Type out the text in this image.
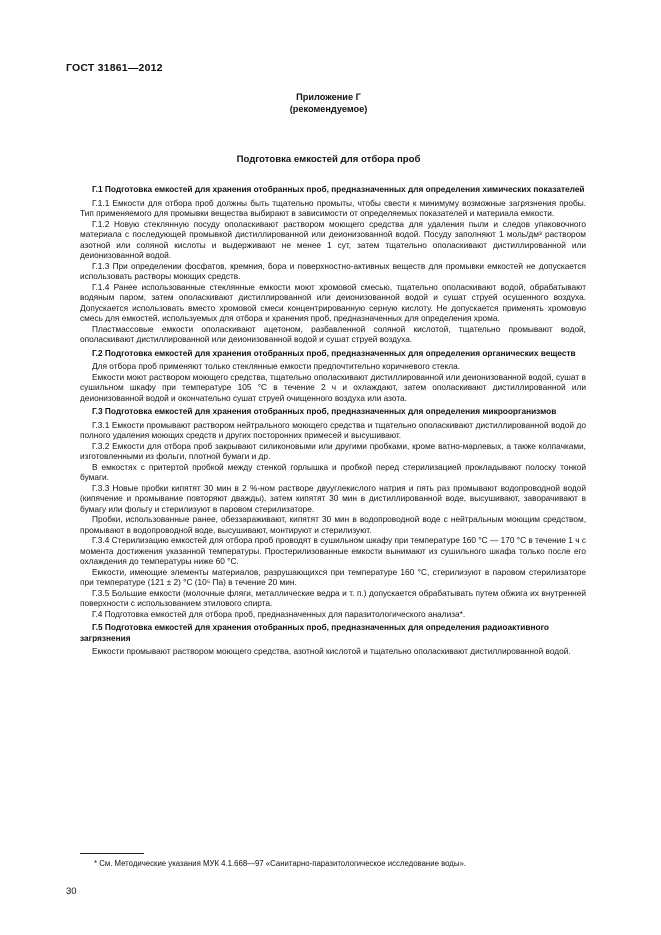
ГОСТ 31861—2012
Приложение Г
(рекомендуемое)
Подготовка емкостей для отбора проб

Г.1 Подготовка емкостей для хранения отобранных проб, предназначенных для определения химических показателей

Г.1.1 Емкости для отбора проб должны быть тщательно промыты, чтобы свести к минимуму возможные загрязнения пробы. Тип применяемого для промывки вещества выбирают в зависимости от определяемых показателей и материала емкости.

Г.1.2 Новую стеклянную посуду ополаскивают раствором моющего средства для удаления пыли и следов упаковочного материала с последующей промывкой дистиллированной или деионизованной водой. Посуду заполняют 1 моль/дм³ раствором азотной или соляной кислоты и выдерживают не менее 1 сут, затем тщательно ополаскивают дистиллированной или деионизованной водой.

Г.1.3 При определении фосфатов, кремния, бора и поверхностно-активных веществ для промывки емкостей не допускается использовать растворы моющих средств.

Г.1.4 Ранее использованные стеклянные емкости моют хромовой смесью, тщательно ополаскивают водой, обрабатывают водяным паром, затем ополаскивают дистиллированной или деионизованной водой и сушат струей осушенного воздуха. Допускается использовать вместо хромовой смеси концентрированную серную кислоту. Не допускается применять хромовую смесь для емкостей, используемых для отбора и хранения проб, предназначенных для определения хрома.

Пластмассовые емкости ополаскивают ацетоном, разбавленной соляной кислотой, тщательно промывают водой, ополаскивают дистиллированной или деионизованной водой и сушат струей воздуха.

Г.2 Подготовка емкостей для хранения отобранных проб, предназначенных для определения органических веществ

Для отбора проб применяют только стеклянные емкости предпочтительно коричневого стекла.

Емкости моют раствором моющего средства, тщательно ополаскивают дистиллированной или деионизованной водой, сушат в сушильном шкафу при температуре 105 °С в течение 2 ч и охлаждают, затем ополаскивают дистиллированной или деионизованной водой и окончательно сушат струей очищенного воздуха или азота.

Г.3 Подготовка емкостей для хранения отобранных проб, предназначенных для определения микроорганизмов

Г.3.1 Емкости промывают раствором нейтрального моющего средства и тщательно ополаскивают дистиллированной водой до полного удаления моющих средств и других посторонних примесей и высушивают.

Г.3.2 Емкости для отбора проб закрывают силиконовыми или другими пробками, кроме ватно-марлевых, а также колпачками, изготовленными из фольги, плотной бумаги и др.

В емкостях с притертой пробкой между стенкой горлышка и пробкой перед стерилизацией прокладывают полоску тонкой бумаги.

Г.3.3 Новые пробки кипятят 30 мин в 2 %-ном растворе двууглекислого натрия и пять раз промывают водопроводной водой (кипячение и промывание повторяют дважды), затем кипятят 30 мин в дистиллированной воде, высушивают, заворачивают в бумагу или фольгу и стерилизуют в паровом стерилизаторе.

Пробки, использованные ранее, обеззараживают, кипятят 30 мин в водопроводной воде с нейтральным моющим средством, промывают в водопроводной воде, высушивают, монтируют и стерилизуют.

Г.3.4 Стерилизацию емкостей для отбора проб проводят в сушильном шкафу при температуре 160 °С — 170 °С в течение 1 ч с момента достижения указанной температуры. Простерилизованные емкости вынимают из сушильного шкафа только после его охлаждения до температуры ниже 60 °С.

Емкости, имеющие элементы материалов, разрушающихся при температуре 160 °С, стерилизуют в паровом стерилизаторе при температуре (121 ± 2) °С (10⁵ Па) в течение 20 мин.

Г.3.5 Большие емкости (молочные фляги, металлические ведра и т. п.) допускается обрабатывать путем обжига их внутренней поверхности с использованием этилового спирта.

Г.4 Подготовка емкостей для отбора проб, предназначенных для паразитологического анализа*.

Г.5 Подготовка емкостей для хранения отобранных проб, предназначенных для определения радиоактивного загрязнения

Емкости промывают раствором моющего средства, азотной кислотой и тщательно ополаскивают дистиллированной водой.

* См. Методические указания МУК 4.1.668—97 «Санитарно-паразитологическое исследование воды».
30
